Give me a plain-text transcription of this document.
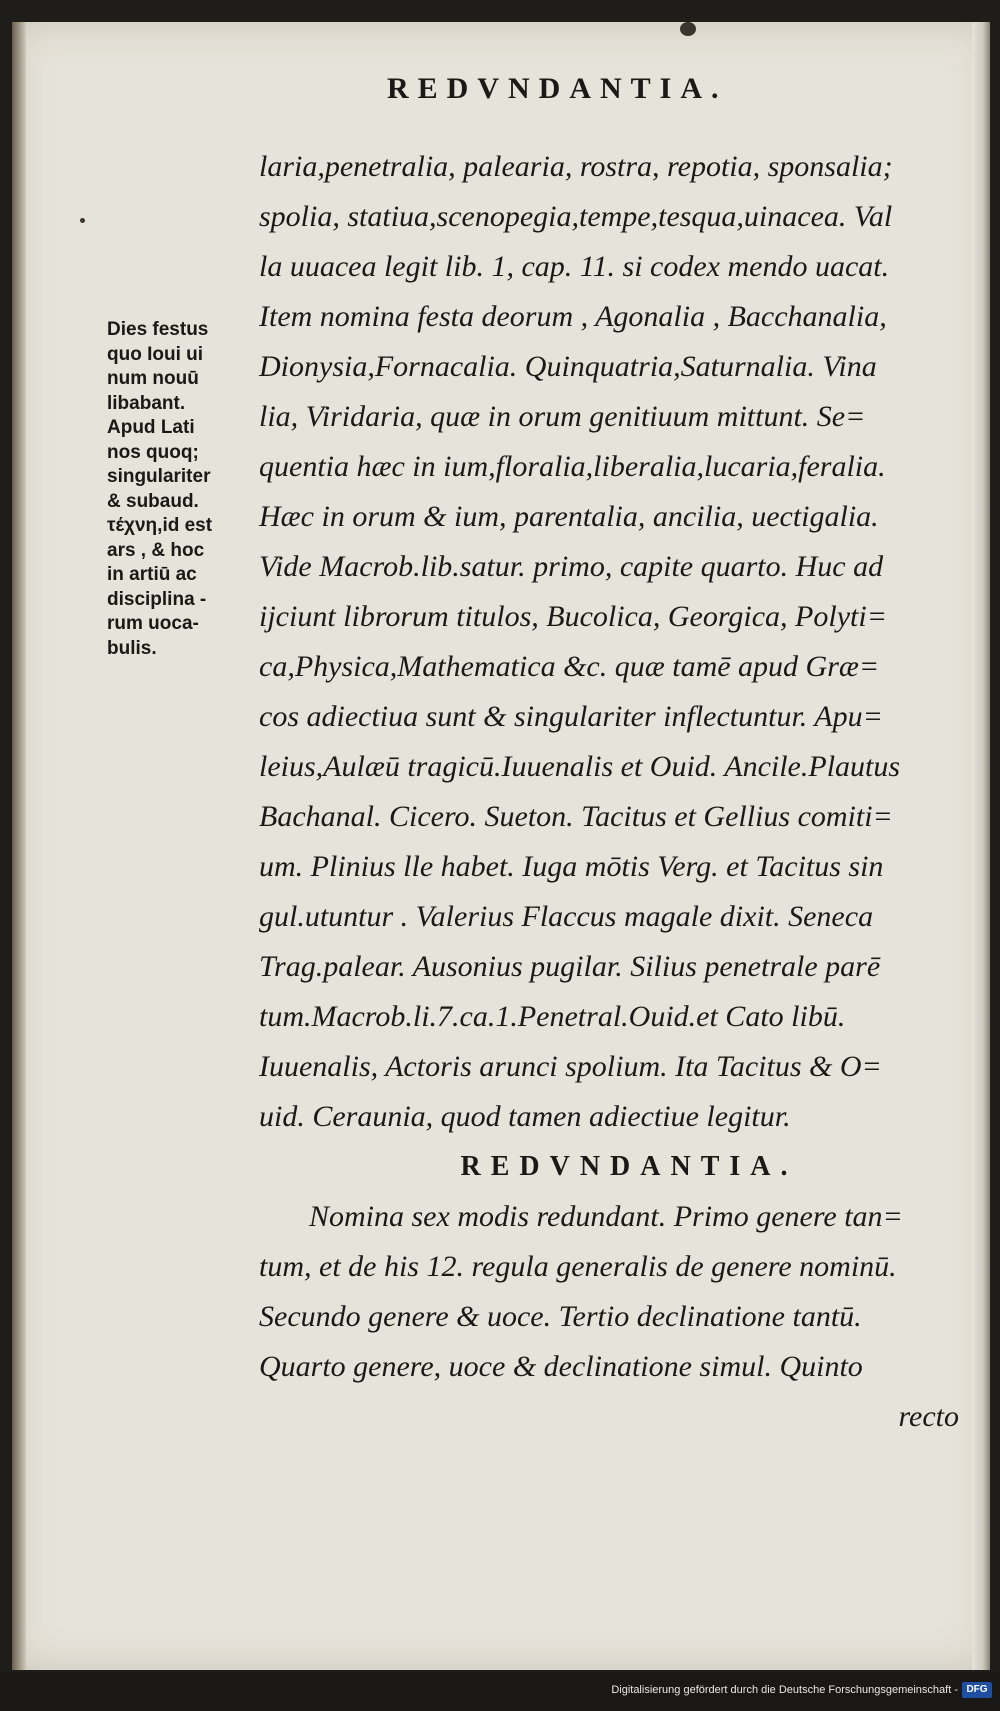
REDVNDANTIA.
Dies festus
quo Ioui ui
num nouū
libabant.
Apud Lati
nos quoq;
singulariter
& subaud.
τέχνη,id est
ars , & hoc
in artiū ac
disciplina -
rum uoca-
bulis.
laria,penetralia, palearia, rostra, repotia, sponsalia;
spolia, statiua,scenopegia,tempe,tesqua,uinacea. Val
la uuacea legit lib. 1, cap. 11. si codex mendo uacat.
Item nomina festa deorum , Agonalia , Bacchanalia,
Dionysia,Fornacalia. Quinquatria,Saturnalia. Vina
lia, Viridaria, quæ in orum genitiuum mittunt. Se=
quentia hæc in ium,floralia,liberalia,lucaria,feralia.
Hæc in orum & ium, parentalia, ancilia, uectigalia.
Vide Macrob.lib.satur. primo, capite quarto. Huc ad
ijciunt librorum titulos, Bucolica, Georgica, Polyti=
ca,Physica,Mathematica &c. quæ tamē apud Græ=
cos adiectiua sunt & singulariter inflectuntur. Apu=
leius,Aulæū tragicū.Iuuenalis et Ouid. Ancile.Plautus
Bachanal. Cicero. Sueton. Tacitus et Gellius comiti=
um. Plinius lle habet. Iuga mōtis Verg. et Tacitus sin
gul.utuntur . Valerius Flaccus magale dixit. Seneca
Trag.palear. Ausonius pugilar. Silius penetrale parē
tum.Macrob.li.7.ca.1.Penetral.Ouid.et Cato libū.
Iuuenalis, Actoris arunci spolium. Ita Tacitus & O=
uid. Ceraunia, quod tamen adiectiue legitur.
REDVNDANTIA.
Nomina sex modis redundant. Primo genere tan=
tum, et de his 12. regula generalis de genere nominū.
Secundo genere & uoce. Tertio declinatione tantū.
Quarto genere, uoce & declinatione simul. Quinto
recto
Digitalisierung gefördert durch die Deutsche Forschungsgemeinschaft - DFG
